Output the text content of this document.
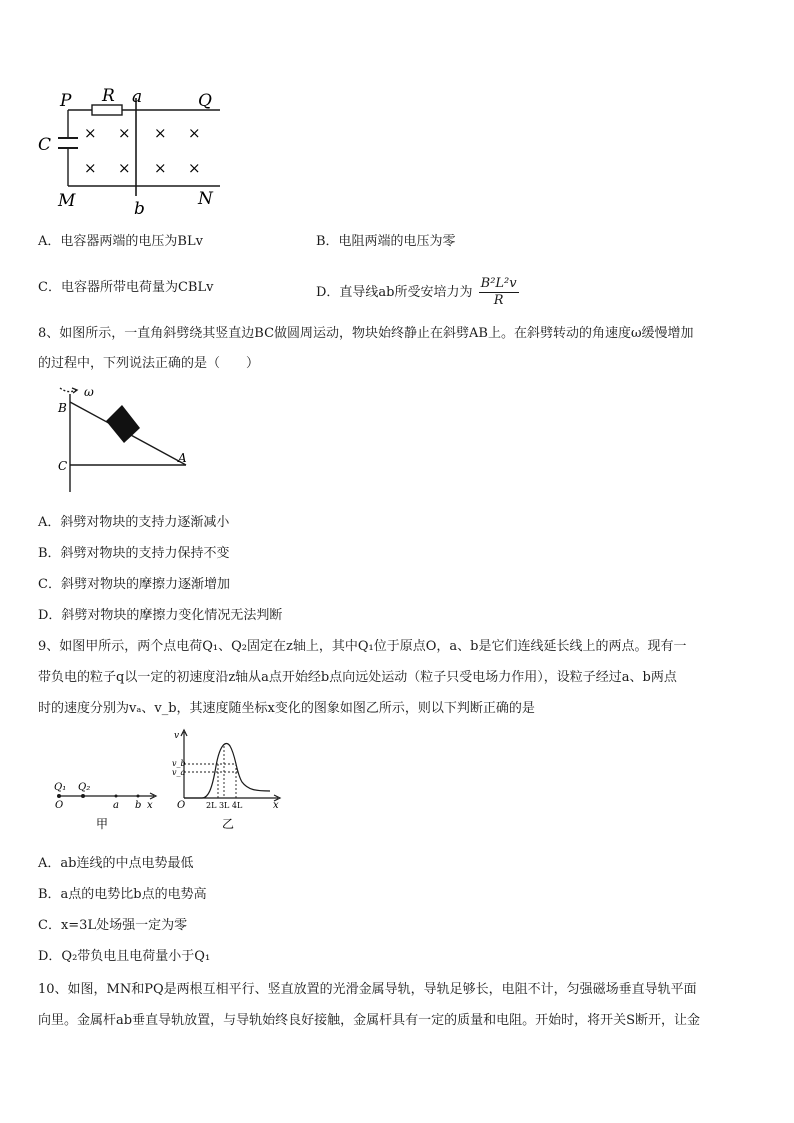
P R a	Q
C
M	b	N
× × × ×
× × × ×
A．电容器两端的电压为BLv	B．电阻两端的电压为零
C．电容器所带电荷量为CBLv	D．直导线ab所受安培力为 $\frac{\text{B²L²v}}{R}$
8、如图所示，一直角斜劈绕其竖直边BC做圆周运动，物块始终静止在斜劈AB上。在斜劈转动的角速度ω缓慢增加
的过程中，下列说法正确的是（　　）
ω
B
C
A
A．斜劈对物块的支持力逐渐减小
B．斜劈对物块的支持力保持不变
C．斜劈对物块的摩擦力逐渐增加
D．斜劈对物块的摩擦力变化情况无法判断
9、如图甲所示，两个点电荷Q₁、Q₂固定在z轴上，其中Q₁位于原点O，a、b是它们连线延长线上的两点。现有一
带负电的粒子q以一定的初速度沿z轴从a点开始经b点向远处运动（粒子只受电场力作用），设粒子经过a、b两点
时的速度分别为vₐ、v_b，其速度随坐标x变化的图象如图乙所示，则以下判断正确的是
Q₁ Q₂
O	a b x
甲
v
v_b
v_a
O	2L 3L 4L	x
乙
A．ab连线的中点电势最低
B．a点的电势比b点的电势高
C．x=3L处场强一定为零
D．Q₂带负电且电荷量小于Q₁
10、如图，MN和PQ是两根互相平行、竖直放置的光滑金属导轨，导轨足够长，电阻不计，匀强磁场垂直导轨平面
向里。金属杆ab垂直导轨放置，与导轨始终良好接触，金属杆具有一定的质量和电阻。开始时，将开关S断开，让金
